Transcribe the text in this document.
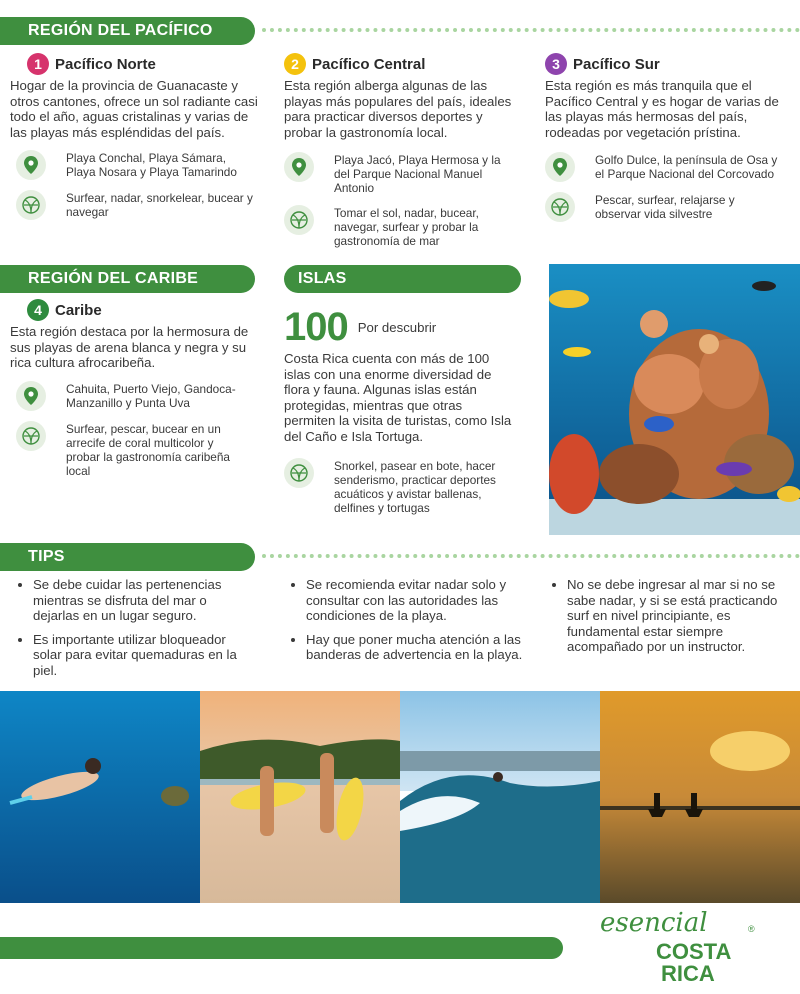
REGIÓN DEL PACÍFICO
1 Pacífico Norte
Hogar de la provincia de Guanacaste y otros cantones, ofrece un sol radiante casi todo el año, aguas cristalinas y varias de las playas más espléndidas del país.
Playa Conchal, Playa Sámara, Playa Nosara y Playa Tamarindo
Surfear, nadar, snorkelear, bucear y navegar
2 Pacífico Central
Esta región alberga algunas de las playas más populares del país, ideales para practicar diversos deportes y probar la gastronomía local.
Playa Jacó, Playa Hermosa y la del Parque Nacional Manuel Antonio
Tomar el sol, nadar, bucear, navegar, surfear y probar la gastronomía de mar
3 Pacífico Sur
Esta región es más tranquila que el Pacífico Central y es hogar de varias de las playas más hermosas del país, rodeadas por vegetación prístina.
Golfo Dulce, la península de Osa y el Parque Nacional del Corcovado
Pescar, surfear, relajarse y observar vida silvestre
REGIÓN DEL CARIBE
4 Caribe
Esta región destaca por la hermosura de sus playas de arena blanca y negra y su rica cultura afrocaribeña.
Cahuita, Puerto Viejo, Gandoca-Manzanillo y Punta Uva
Surfear, pescar, bucear en un arrecife de coral multicolor y probar la gastronomía caribeña local
ISLAS
100 Por descubrir
Costa Rica cuenta con más de 100 islas con una enorme diversidad de flora y fauna. Algunas islas están protegidas, mientras que otras permiten la visita de turistas, como Isla del Caño e Isla Tortuga.
Snorkel, pasear en bote, hacer senderismo, practicar deportes acuáticos y avistar ballenas, delfines y tortugas
TIPS
• Se debe cuidar las pertenencias mientras se disfruta del mar o dejarlas en un lugar seguro.
• Es importante utilizar bloqueador solar para evitar quemaduras en la piel.
• Se recomienda evitar nadar solo y consultar con las autoridades las condiciones de la playa.
• Hay que poner mucha atención a las banderas de advertencia en la playa.
• No se debe ingresar al mar si no se sabe nadar, y si se está practicando surf en nivel principiante, es fundamental estar siempre acompañado por un instructor.
esencial	®
COSTA
RICA
